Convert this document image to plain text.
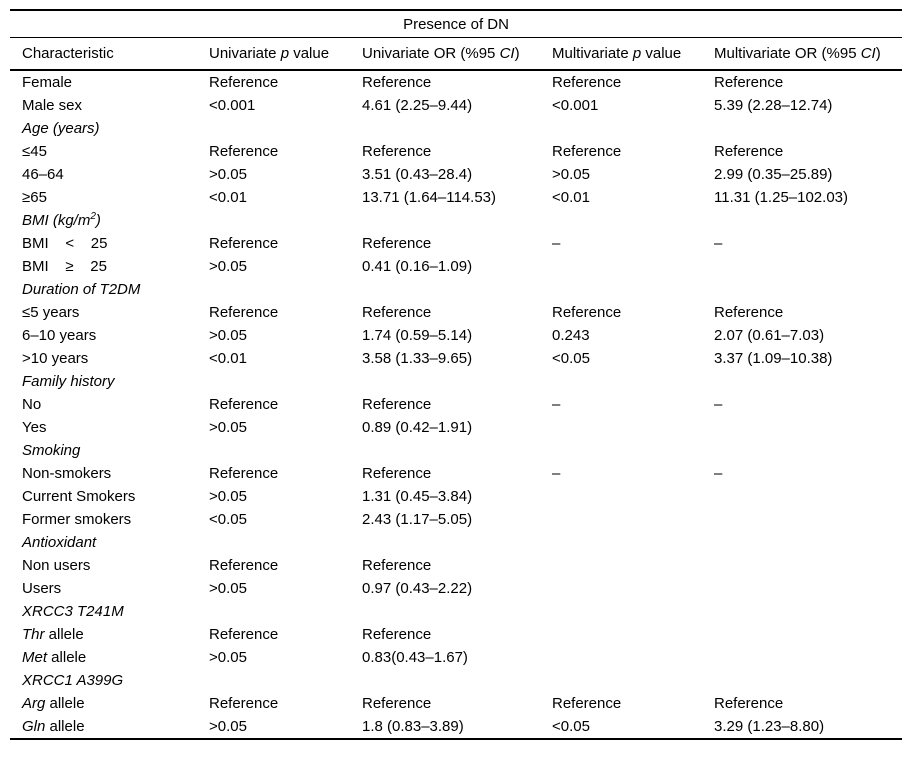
Presence of DN				
Characteristic	Univariate p value	Univariate OR (%95 CI)	Multivariate p value	Multivariate OR (%95 CI)
Female	Reference	Reference	Reference	Reference
Male sex	<0.001	4.61 (2.25–9.44)	<0.001	5.39 (2.28–12.74)
Age (years)				
≤45	Reference	Reference	Reference	Reference
46–64	>0.05	3.51 (0.43–28.4)	>0.05	2.99 (0.35–25.89)
≥65	<0.01	13.71 (1.64–114.53)	<0.01	11.31 (1.25–102.03)
BMI $(kg/m^2)$				
BMI    <    25	Reference	Reference	–	–
BMI    ≥    25	>0.05	0.41 (0.16–1.09)		
Duration of T2DM				
≤5 years	Reference	Reference	Reference	Reference
6–10 years	>0.05	1.74 (0.59–5.14)	0.243	2.07 (0.61–7.03)
>10 years	<0.01	3.58 (1.33–9.65)	<0.05	3.37 (1.09–10.38)
Family history				
No	Reference	Reference	–	–
Yes	>0.05	0.89 (0.42–1.91)		
Smoking				
Non-smokers	Reference	Reference	–	–
Current Smokers	>0.05	1.31 (0.45–3.84)		
Former smokers	<0.05	2.43 (1.17–5.05)		
Antioxidant				
Non users	Reference	Reference		
Users	>0.05	0.97 (0.43–2.22)		
XRCC3 T241M				
Thr allele	Reference	Reference		
Met allele	>0.05	0.83(0.43–1.67)		
XRCC1 A399G				
Arg allele	Reference	Reference	Reference	Reference
Gln allele	>0.05	1.8 (0.83–3.89)	<0.05	3.29 (1.23–8.80)
